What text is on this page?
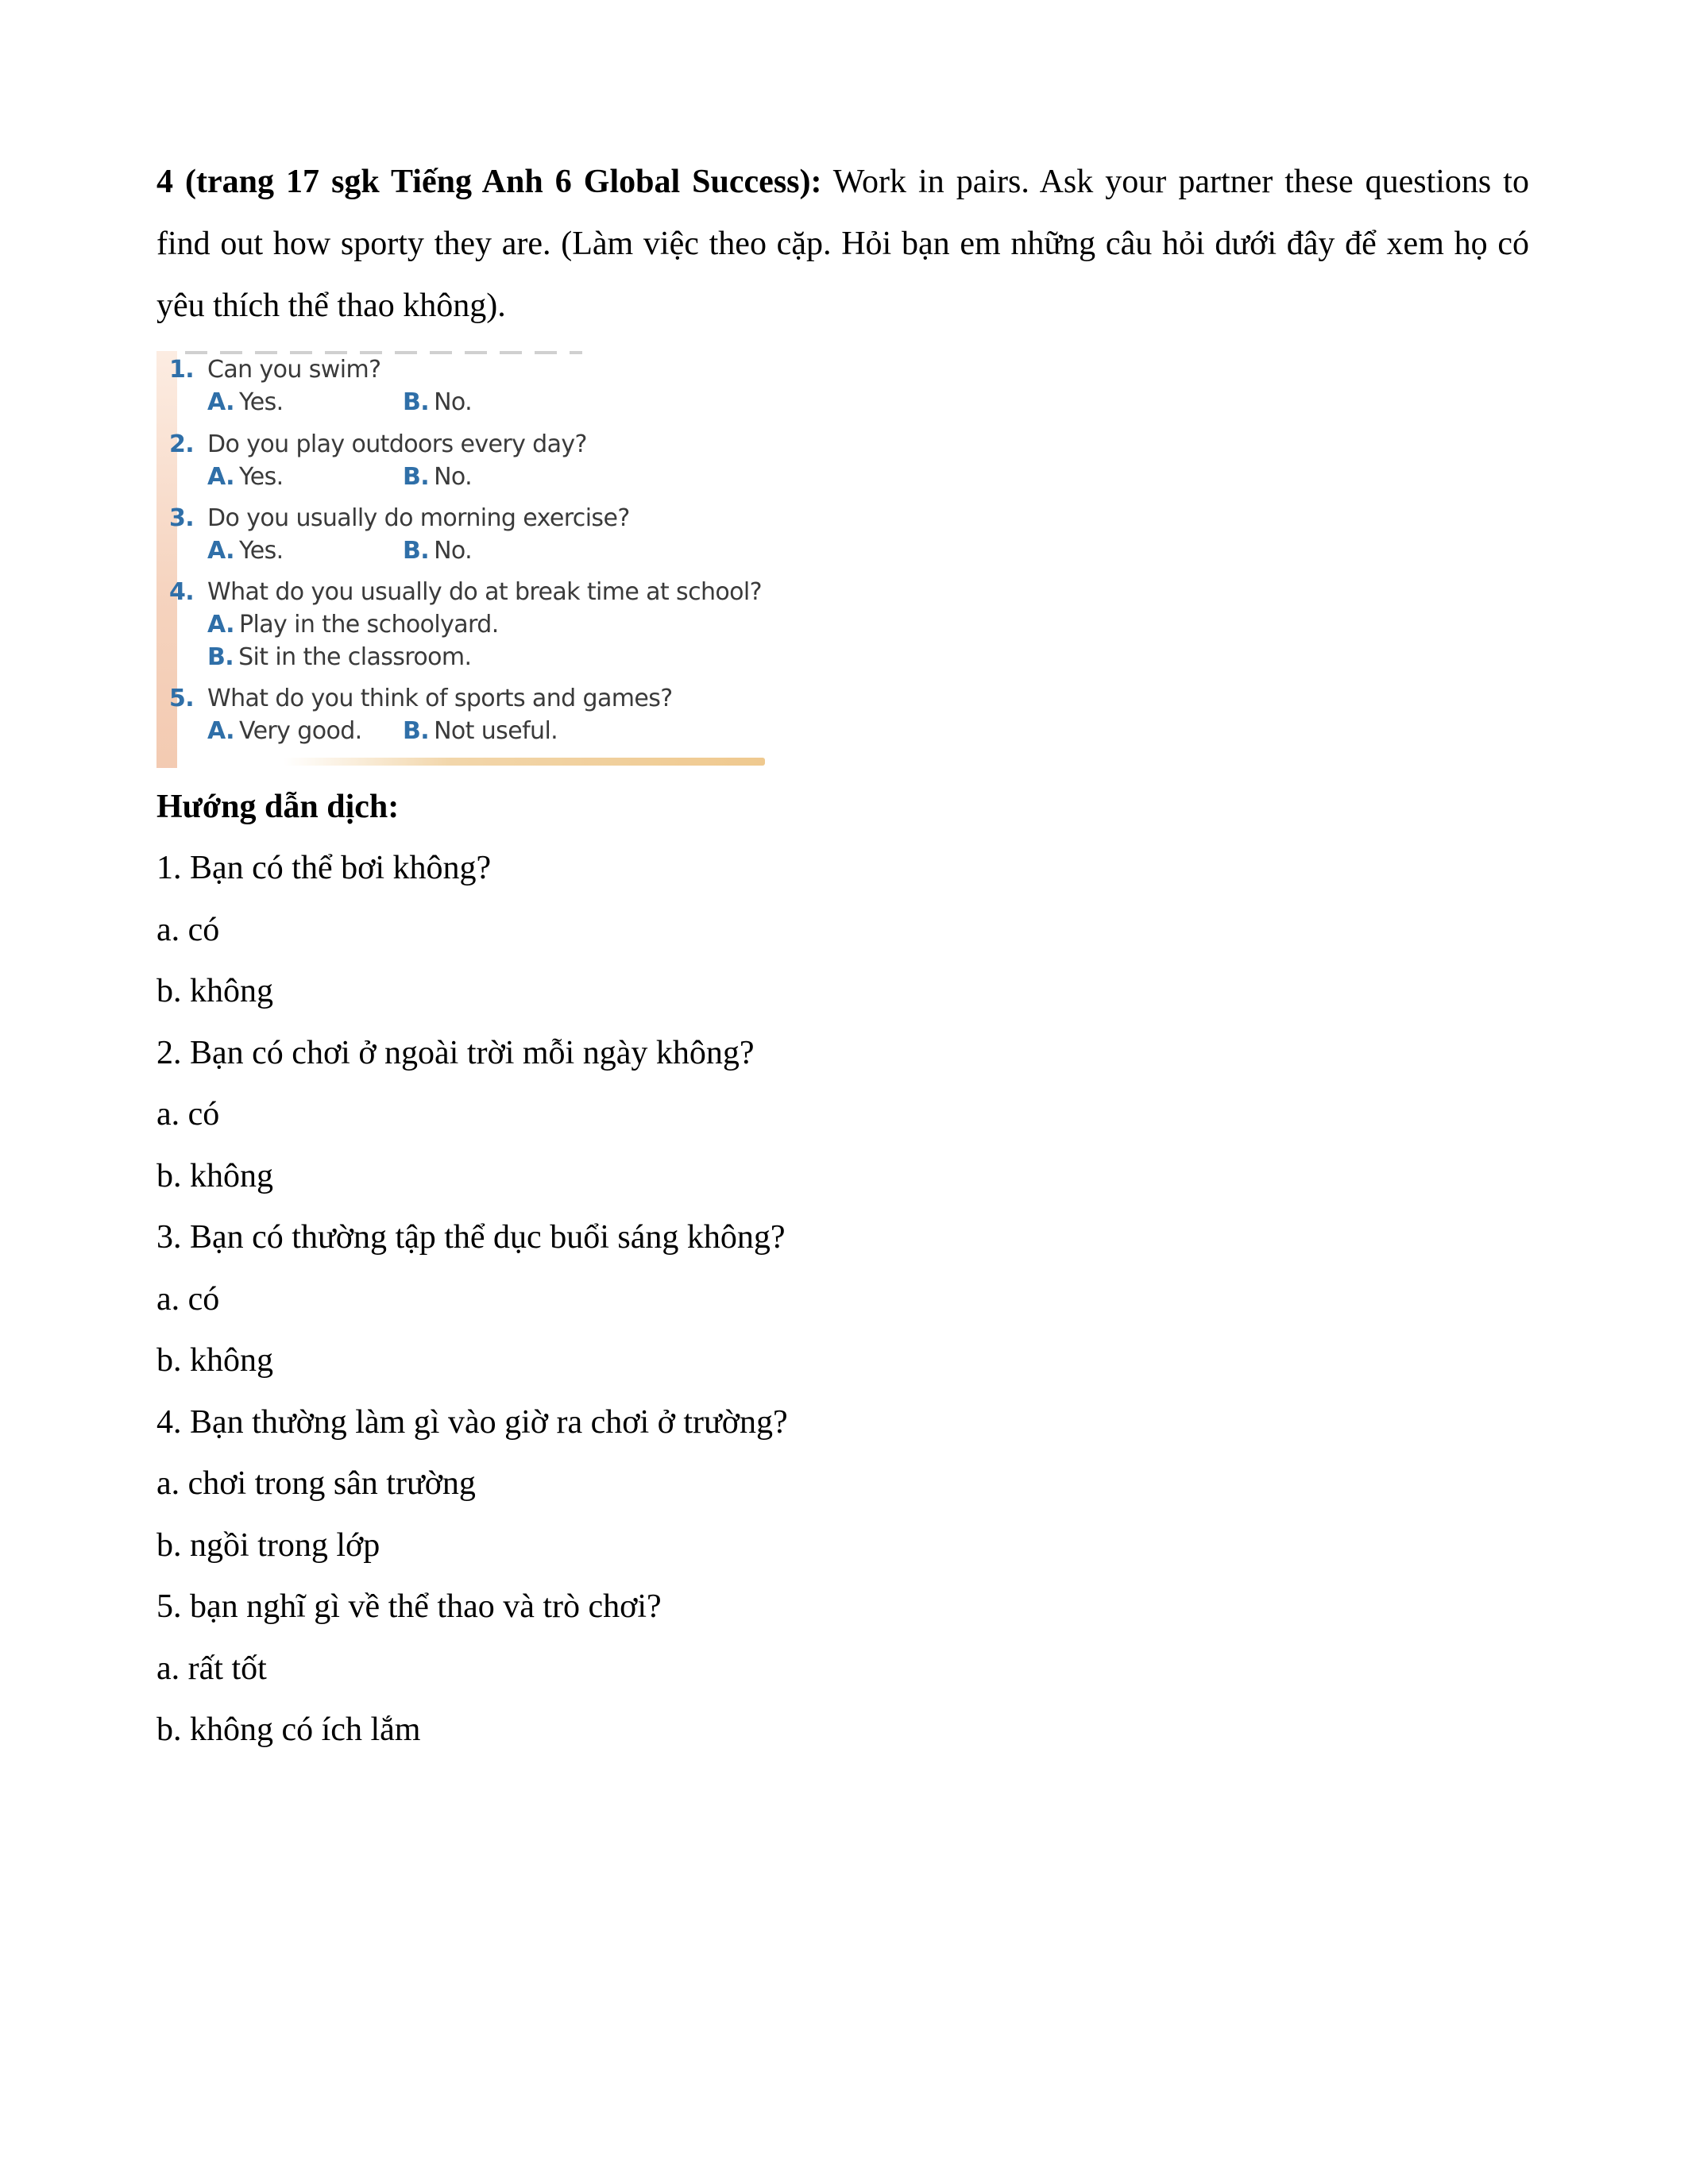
4 (trang 17 sgk Tiếng Anh 6 Global Success): Work in pairs. Ask your partner these questions to find out how sporty they are. (Làm việc theo cặp. Hỏi bạn em những câu hỏi dưới đây để xem họ có yêu thích thể thao không).

1. Can you swim?
A. Yes.	B. No.
2. Do you play outdoors every day?
A. Yes.	B. No.
3. Do you usually do morning exercise?
A. Yes.	B. No.
4. What do you usually do at break time at school?
A. Play in the schoolyard.
B. Sit in the classroom.
5. What do you think of sports and games?
A. Very good. B. Not useful.

Hướng dẫn dịch:

1. Bạn có thể bơi không?

a. có

b. không

2. Bạn có chơi ở ngoài trời mỗi ngày không?

a. có

b. không

3. Bạn có thường tập thể dục buổi sáng không?

a. có

b. không

4. Bạn thường làm gì vào giờ ra chơi ở trường?

a. chơi trong sân trường

b. ngồi trong lớp

5. bạn nghĩ gì về thể thao và trò chơi?

a. rất tốt

b. không có ích lắm
